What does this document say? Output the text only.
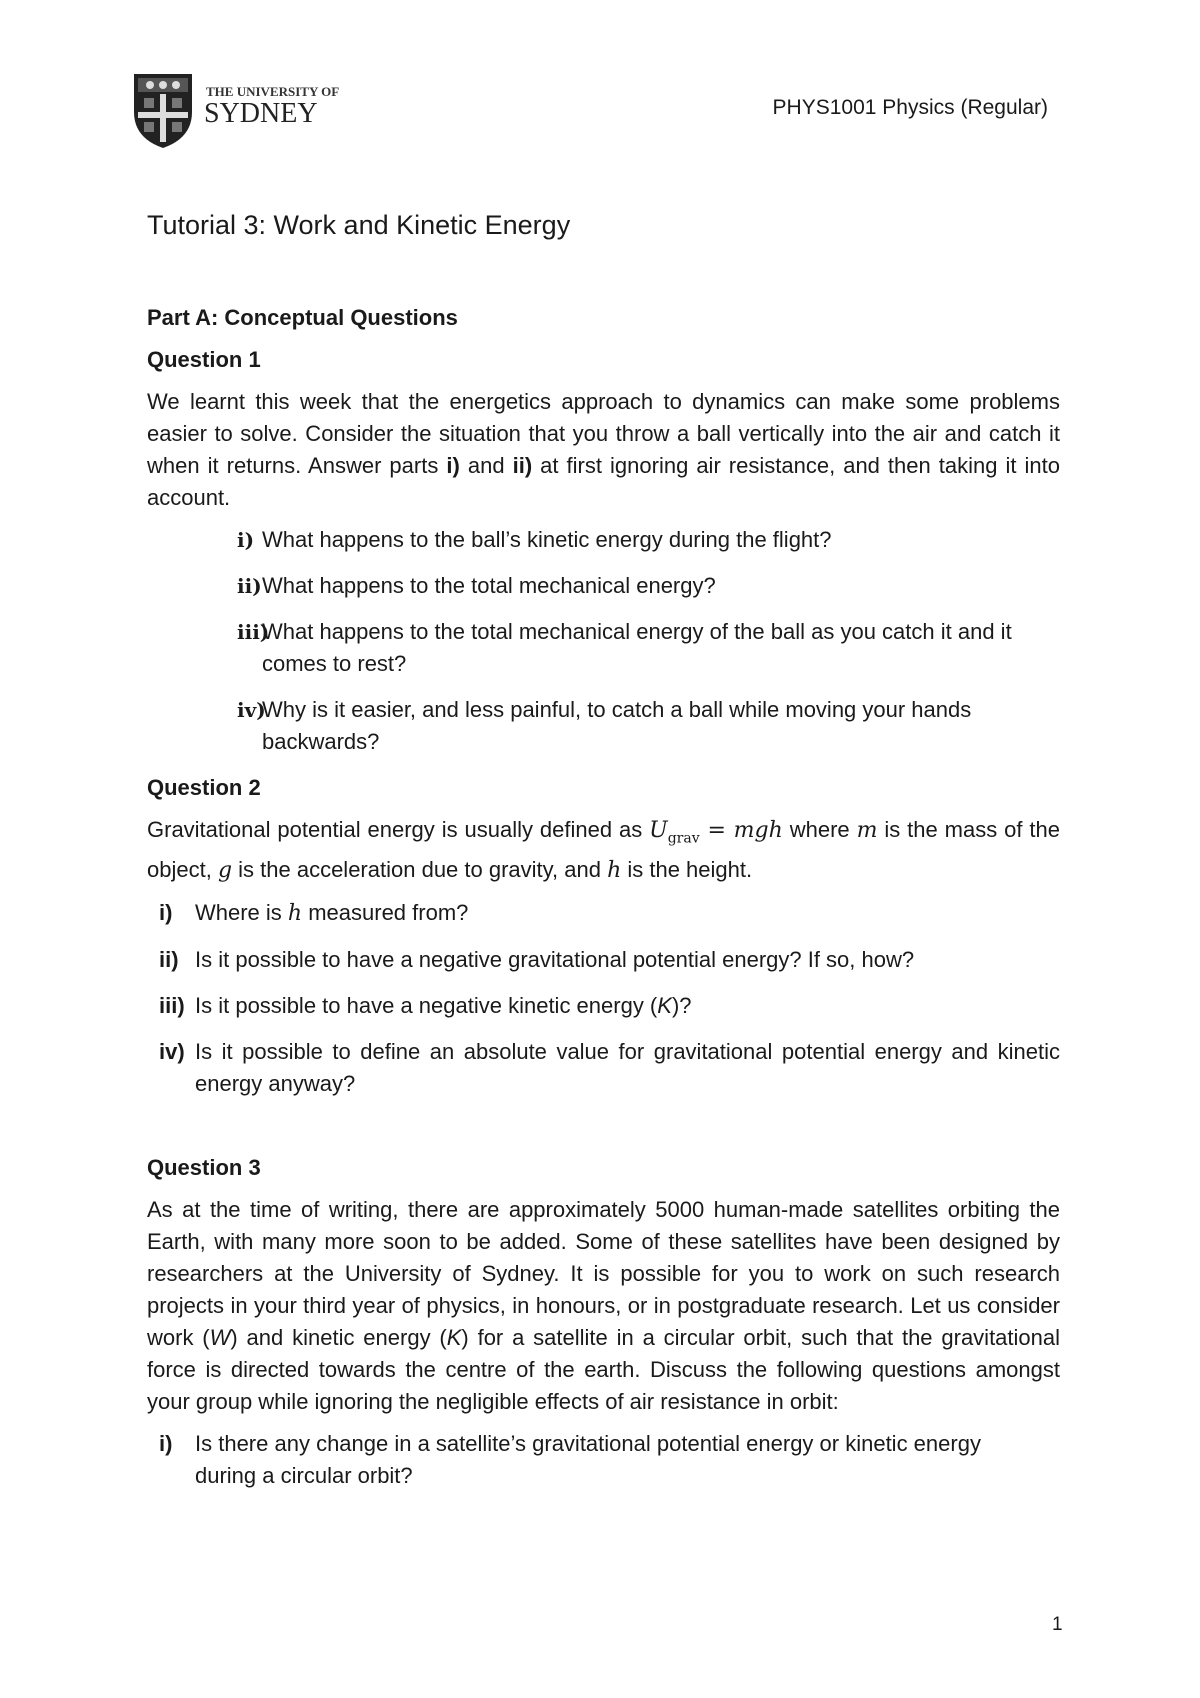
THE UNIVERSITY OF
SYDNEY	PHYS1001 Physics (Regular)
Tutorial 3: Work and Kinetic Energy
Part A: Conceptual Questions
Question 1

We learnt this week that the energetics approach to dynamics can make some problems easier to solve. Consider the situation that you throw a ball vertically into the air and catch it when it returns. Answer parts i) and ii) at first ignoring air resistance, and then taking it into account.

i) What happens to the ball’s kinetic energy during the flight?
ii) What happens to the total mechanical energy?
iii)
What happens to the total mechanical energy of the ball as you catch it and it comes to rest?
iv)
Why is it easier, and less painful, to catch a ball while moving your hands backwards?
Question 2

Gravitational potential energy is usually defined as $U_{grav}$ = mgh where m is the mass of the object, g is the acceleration due to gravity, and h is the height.

i) Where is h measured from?
ii) Is it possible to have a negative gravitational potential energy? If so, how?
iii) Is it possible to have a negative kinetic energy (K)?
iv) Is it possible to define an absolute value for gravitational potential energy and kinetic energy anyway?
Question 3

As at the time of writing, there are approximately 5000 human-made satellites orbiting the Earth, with many more soon to be added. Some of these satellites have been designed by researchers at the University of Sydney. It is possible for you to work on such research projects in your third year of physics, in honours, or in postgraduate research. Let us consider work (W) and kinetic energy (K) for a satellite in a circular orbit, such that the gravitational force is directed towards the centre of the earth. Discuss the following questions amongst your group while ignoring the negligible effects of air resistance in orbit:

i) Is there any change in a satellite’s gravitational potential energy or kinetic energy during a circular orbit?
1
